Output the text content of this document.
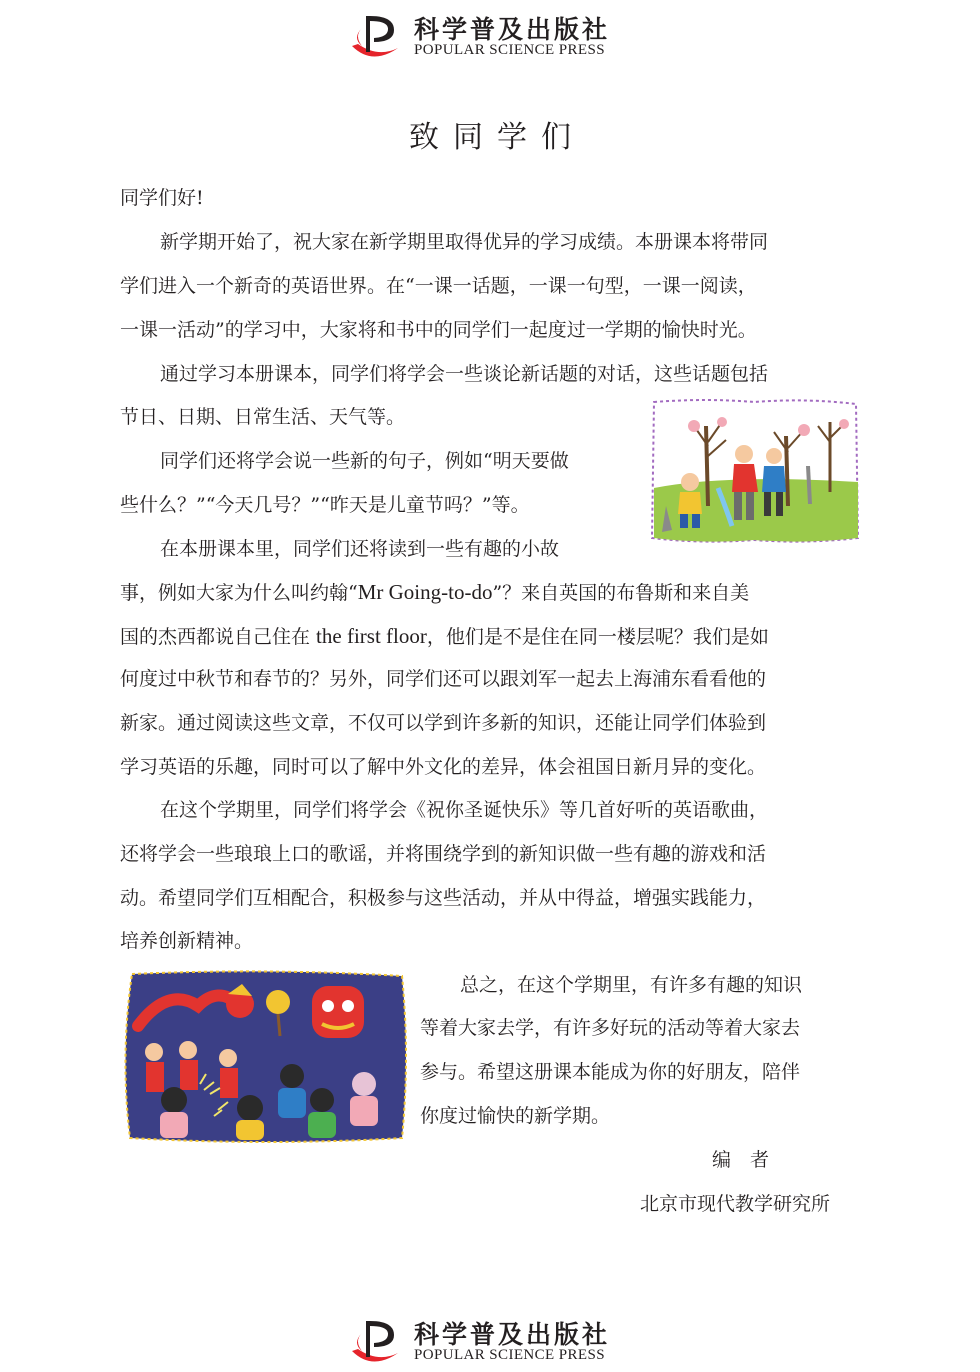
科学普及出版社
POPULAR SCIENCE PRESS
致同学们
同学们好!
新学期开始了，祝大家在新学期里取得优异的学习成绩。本册课本将带同
学们进入一个新奇的英语世界。在“一课一话题，一课一句型，一课一阅读，
一课一活动”的学习中，大家将和书中的同学们一起度过一学期的愉快时光。
通过学习本册课本，同学们将学会一些谈论新话题的对话，这些话题包括
节日、日期、日常生活、天气等。
同学们还将学会说一些新的句子，例如“明天要做
些什么？”“今天几号？”“昨天是儿童节吗？”等。
在本册课本里，同学们还将读到一些有趣的小故
事，例如大家为什么叫约翰“Mr Going-to-do”？来自英国的布鲁斯和来自美
国的杰西都说自己住在 the first floor，他们是不是住在同一楼层呢？我们是如
何度过中秋节和春节的？另外，同学们还可以跟刘军一起去上海浦东看看他的
新家。通过阅读这些文章，不仅可以学到许多新的知识，还能让同学们体验到
学习英语的乐趣，同时可以了解中外文化的差异，体会祖国日新月异的变化。
在这个学期里，同学们将学会《祝你圣诞快乐》等几首好听的英语歌曲，
还将学会一些琅琅上口的歌谣，并将围绕学到的新知识做一些有趣的游戏和活
动。希望同学们互相配合，积极参与这些活动，并从中得益，增强实践能力，
培养创新精神。
总之，在这个学期里，有许多有趣的知识
等着大家去学，有许多好玩的活动等着大家去
参与。希望这册课本能成为你的好朋友，陪伴
你度过愉快的新学期。
编　者
北京市现代教学研究所
科学普及出版社
POPULAR SCIENCE PRESS
